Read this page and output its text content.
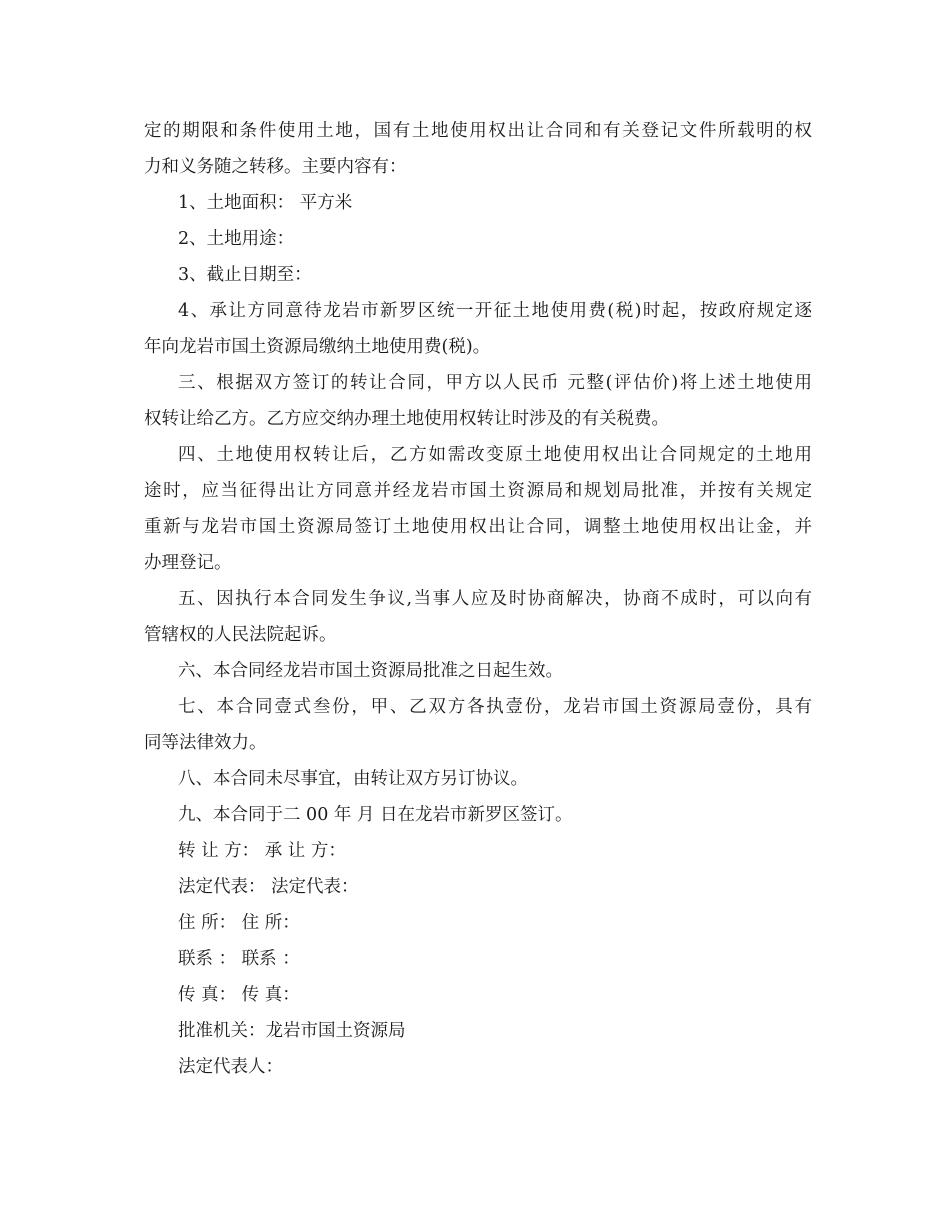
定的期限和条件使用土地，国有土地使用权出让合同和有关登记文件所载明的权
力和义务随之转移。主要内容有：
1、土地面积： 平方米
2、土地用途：
3、截止日期至：
4、承让方同意待龙岩市新罗区统一开征土地使用费(税)时起，按政府规定逐
年向龙岩市国土资源局缴纳土地使用费(税)。
三、根据双方签订的转让合同，甲方以人民币 元整(评估价)将上述土地使用
权转让给乙方。乙方应交纳办理土地使用权转让时涉及的有关税费。
四、土地使用权转让后，乙方如需改变原土地使用权出让合同规定的土地用
途时，应当征得出让方同意并经龙岩市国土资源局和规划局批准，并按有关规定
重新与龙岩市国土资源局签订土地使用权出让合同，调整土地使用权出让金，并
办理登记。
五、因执行本合同发生争议,当事人应及时协商解决，协商不成时，可以向有
管辖权的人民法院起诉。
六、本合同经龙岩市国土资源局批准之日起生效。
七、本合同壹式叁份，甲、乙双方各执壹份，龙岩市国土资源局壹份，具有
同等法律效力。
八、本合同未尽事宜，由转让双方另订协议。
九、本合同于二 00 年 月 日在龙岩市新罗区签订。
转 让 方： 承 让 方：
法定代表： 法定代表：
住 所： 住 所：
联系 ： 联系 ：
传 真： 传 真：
批准机关：龙岩市国土资源局
法定代表人：
